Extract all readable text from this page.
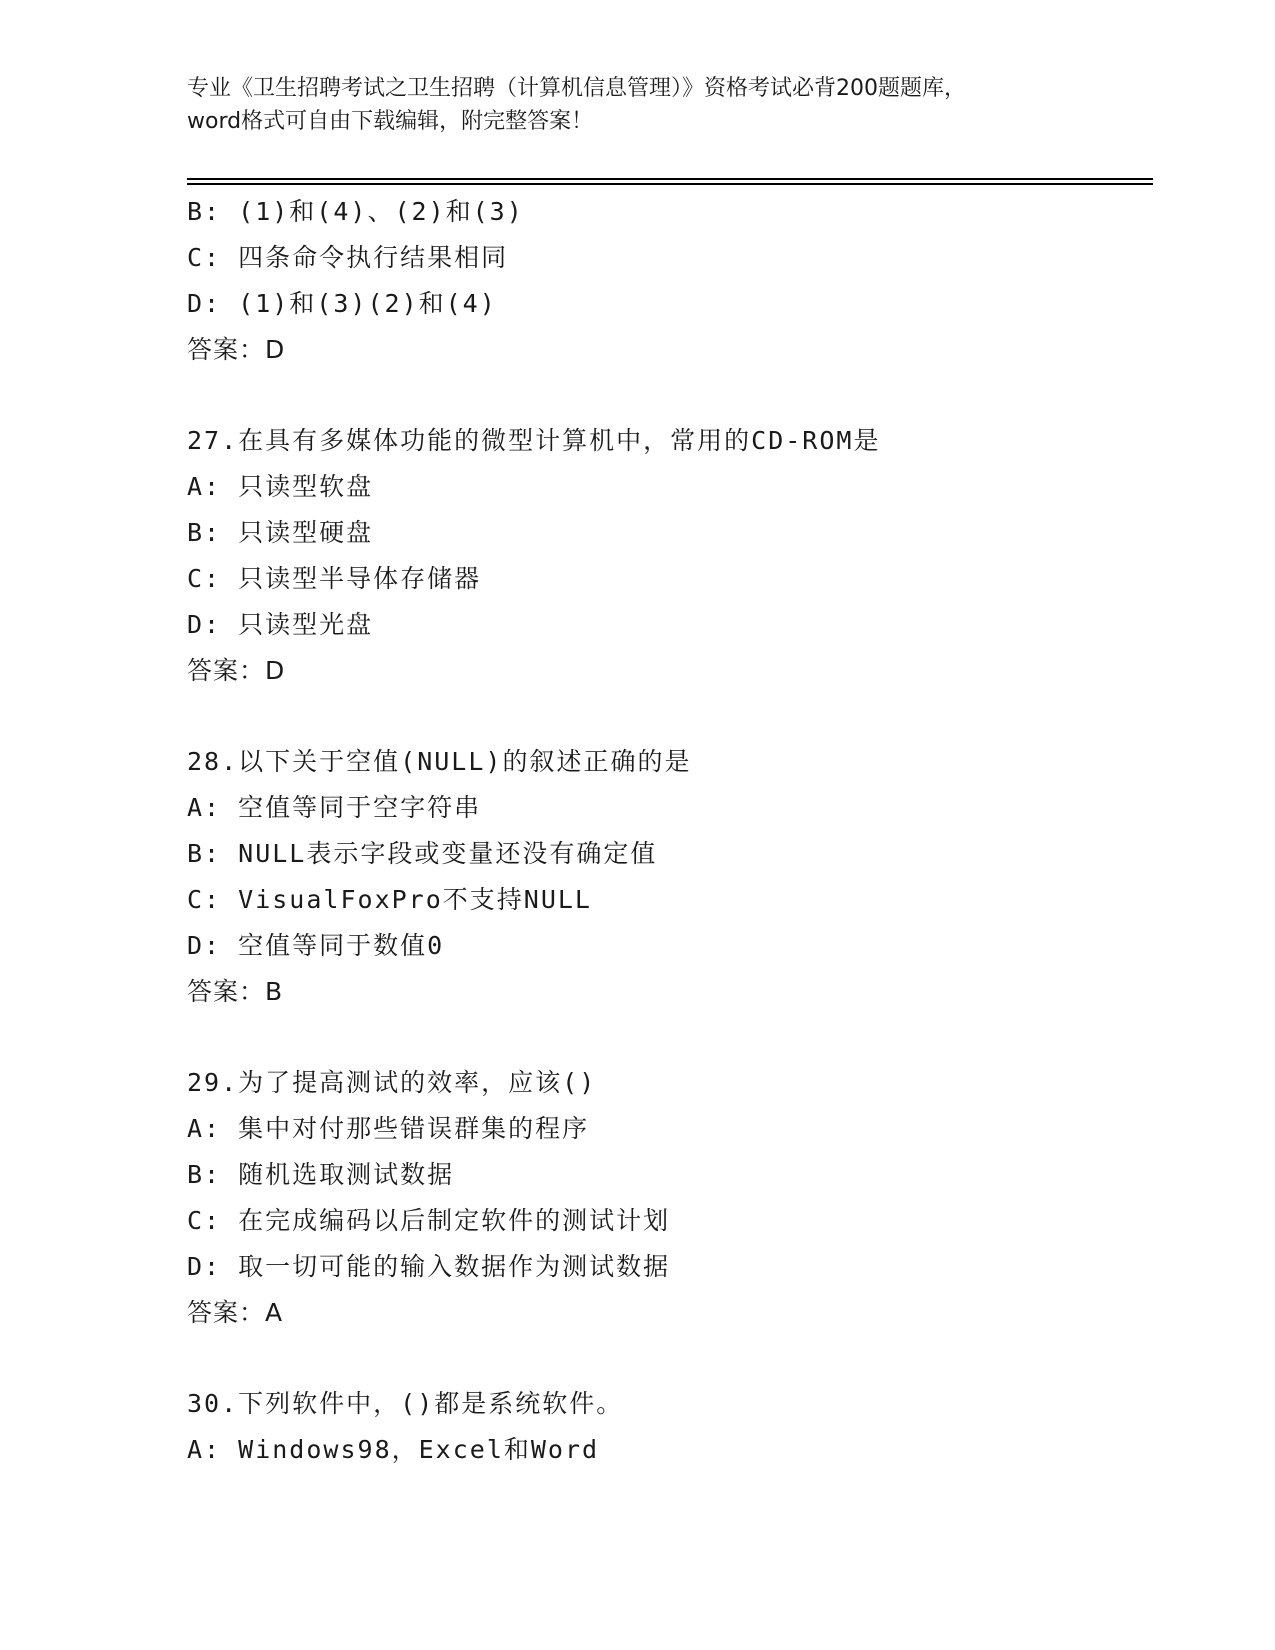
专业《卫生招聘考试之卫生招聘（计算机信息管理）》资格考试必背200题题库，
word格式可自由下载编辑，附完整答案！
B: (1)和(4)、(2)和(3)
C: 四条命令执行结果相同
D: (1)和(3)(2)和(4)
答案：D
27.在具有多媒体功能的微型计算机中，常用的CD-ROM是
A: 只读型软盘
B: 只读型硬盘
C: 只读型半导体存储器
D: 只读型光盘
答案：D
28.以下关于空值(NULL)的叙述正确的是
A: 空值等同于空字符串
B: NULL表示字段或变量还没有确定值
C: VisualFoxPro不支持NULL
D: 空值等同于数值0
答案：B
29.为了提高测试的效率，应该()
A: 集中对付那些错误群集的程序
B: 随机选取测试数据
C: 在完成编码以后制定软件的测试计划
D: 取一切可能的输入数据作为测试数据
答案：A
30.下列软件中，()都是系统软件。
A: Windows98，Excel和Word
